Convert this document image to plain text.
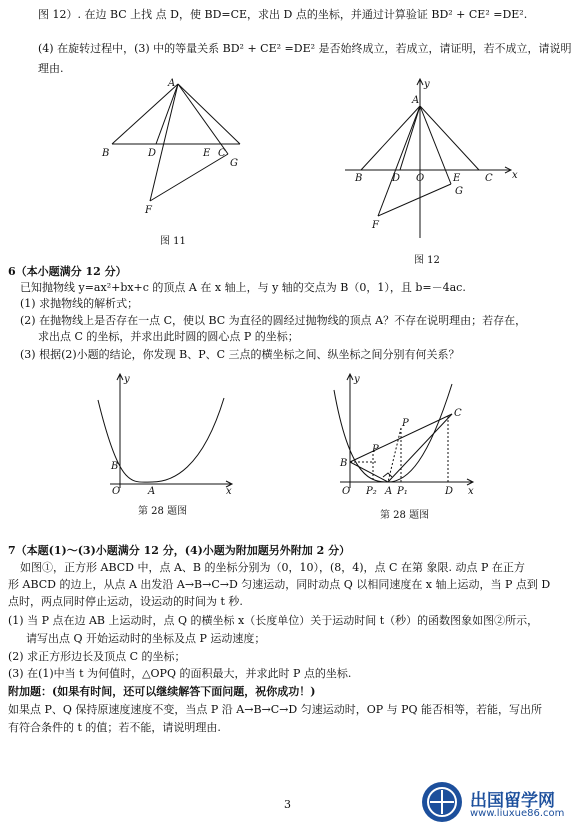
图 12）. 在边 BC 上找 点 D，使 BD=CE，求出 D 点的坐标，并通过计算验证 BD² + CE² =DE².
(4) 在旋转过程中，(3) 中的等量关系 BD² + CE² =DE² 是否始终成立，若成立，请证明，若不成立，请说明
理由.
A
B	D	E C
G
F
图 11
y
x
A
B	D O	E C
G
F
图 12
6（本小题满分 12 分）
已知抛物线 y=ax²+bx+c 的顶点 A 在 x 轴上，与 y 轴的交点为 B（0，1），且 b=－4ac.
(1) 求抛物线的解析式；
(2) 在抛物线上是否存在一点 C，使以 BC 为直径的圆经过抛物线的顶点 A？不存在说明理由；若存在，
求出点 C 的坐标，并求出此时圆的圆心点 P 的坐标；
(3) 根据(2)小题的结论，你发现 B、P、C 三点的横坐标之间、纵坐标之间分别有何关系？
y
x
B
O	A
第 28 题图
y
x
C
P
B
P
O P₂ A P₁	D
第 28 题图
7（本题(1)～(3)小题满分 12 分，(4)小题为附加题另外附加 2 分）
如图①，正方形 ABCD 中，点 A、B 的坐标分别为（0，10），(8，4)，点 C 在第 象限. 动点 P 在正方
形 ABCD 的边上，从点 A 出发沿 A→B→C→D 匀速运动，同时动点 Q 以相同速度在 x 轴上运动，当 P 点到 D
点时，两点同时停止运动，设运动的时间为 t 秒.
(1) 当 P 点在边 AB 上运动时，点 Q 的横坐标 x（长度单位）关于运动时间 t（秒）的函数图象如图②所示，
请写出点 Q 开始运动时的坐标及点 P 运动速度；
(2) 求正方形边长及顶点 C 的坐标；
(3) 在(1)中当 t 为何值时，△OPQ 的面积最大，并求此时 P 点的坐标.
附加题：(如果有时间，还可以继续解答下面问题，祝你成功！)
如果点 P、Q 保持原速度速度不变，当点 P 沿 A→B→C→D 匀速运动时，OP 与 PQ 能否相等，若能，写出所
有符合条件的 t 的值；若不能，请说明理由.
3	出国留学网
www.liuxue86.com
